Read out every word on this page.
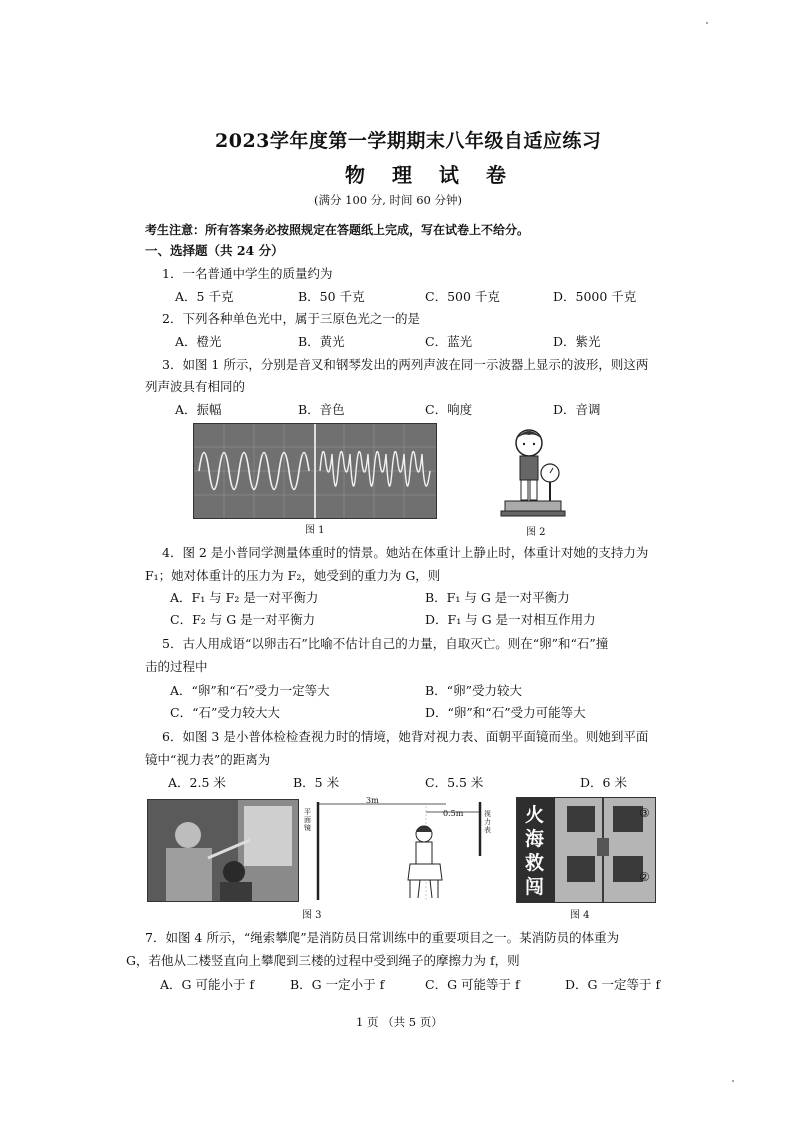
2023学年度第一学期期末八年级自适应练习
物 理 试 卷
(满分 100 分, 时间 60 分钟)
考生注意：所有答案务必按照规定在答题纸上完成，写在试卷上不给分。
一、选择题（共 24 分）
1．一名普通中学生的质量约为
A．5 千克	B．50 千克	C．500 千克	D．5000 千克
2．下列各种单色光中，属于三原色光之一的是
A．橙光	B．黄光	C．蓝光	D．紫光
3．如图 1 所示，分别是音叉和钢琴发出的两列声波在同一示波器上显示的波形，则这两
列声波具有相同的
A．振幅	B．音色	C．响度	D．音调
图 1	图 2
4．图 2 是小普同学测量体重时的情景。她站在体重计上静止时，体重计对她的支持力为
F₁；她对体重计的压力为 F₂，她受到的重力为 G，则
A．F₁ 与 F₂ 是一对平衡力	B．F₁ 与 G 是一对平衡力
C．F₂ 与 G 是一对平衡力	D．F₁ 与 G 是一对相互作用力
5．古人用成语“以卵击石”比喻不估计自己的力量，自取灭亡。则在“卵”和“石”撞
击的过程中
A．“卵”和“石”受力一定等大	B．“卵”受力较大
C．“石”受力较大大	D．“卵”和“石”受力可能等大
6．如图 3 是小普体检检查视力时的情境，她背对视力表、面朝平面镜而坐。则她到平面
镜中“视力表”的距离为
A．2.5 米	B．5 米	C．5.5 米	D．6 米
3m
0.5m
平面镜
视力表
图 3
火
海
救
闯
③
②
图 4
7．如图 4 所示，“绳索攀爬”是消防员日常训练中的重要项目之一。某消防员的体重为
G，若他从二楼竖直向上攀爬到三楼的过程中受到绳子的摩擦力为 f，则
A．G 可能小于 f	B．G 一定小于 f	C．G 可能等于 f	D．G 一定等于 f
1 页 （共 5 页）
